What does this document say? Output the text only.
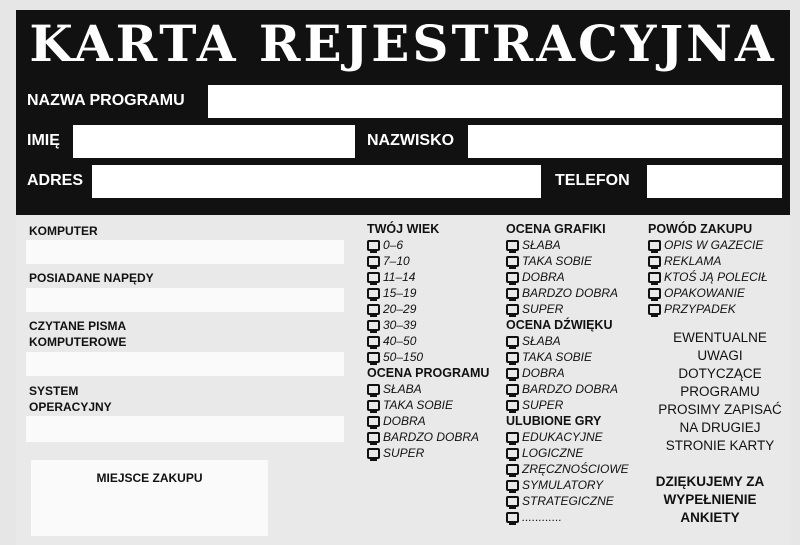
KARTA REJESTRACYJNA
NAZWA PROGRAMU
IMIĘ	NAZWISKO
ADRES	TELEFON
KOMPUTER
POSIADANE NAPĘDY
CZYTANE PISMA
KOMPUTEROWE
SYSTEM
OPERACYJNY
MIEJSCE ZAKUPU
TWÓJ WIEK
0–6
7–10
11–14
15–19
20–29
30–39
40–50
50–150
OCENA PROGRAMU
SŁABA
TAKA SOBIE
DOBRA
BARDZO DOBRA
SUPER
OCENA GRAFIKI
SŁABA
TAKA SOBIE
DOBRA
BARDZO DOBRA
SUPER
OCENA DŹWIĘKU
SŁABA
TAKA SOBIE
DOBRA
BARDZO DOBRA
SUPER
ULUBIONE GRY
EDUKACYJNE
LOGICZNE
ZRĘCZNOŚCIOWE
SYMULATORY
STRATEGICZNE
............
POWÓD ZAKUPU
OPIS W GAZECIE
REKLAMA
KTOŚ JĄ POLECIŁ
OPAKOWANIE
PRZYPADEK
EWENTUALNE
UWAGI
DOTYCZĄCE
PROGRAMU
PROSIMY ZAPISAĆ
NA DRUGIEJ
STRONIE KARTY
DZIĘKUJEMY ZA
WYPEŁNIENIE
ANKIETY
